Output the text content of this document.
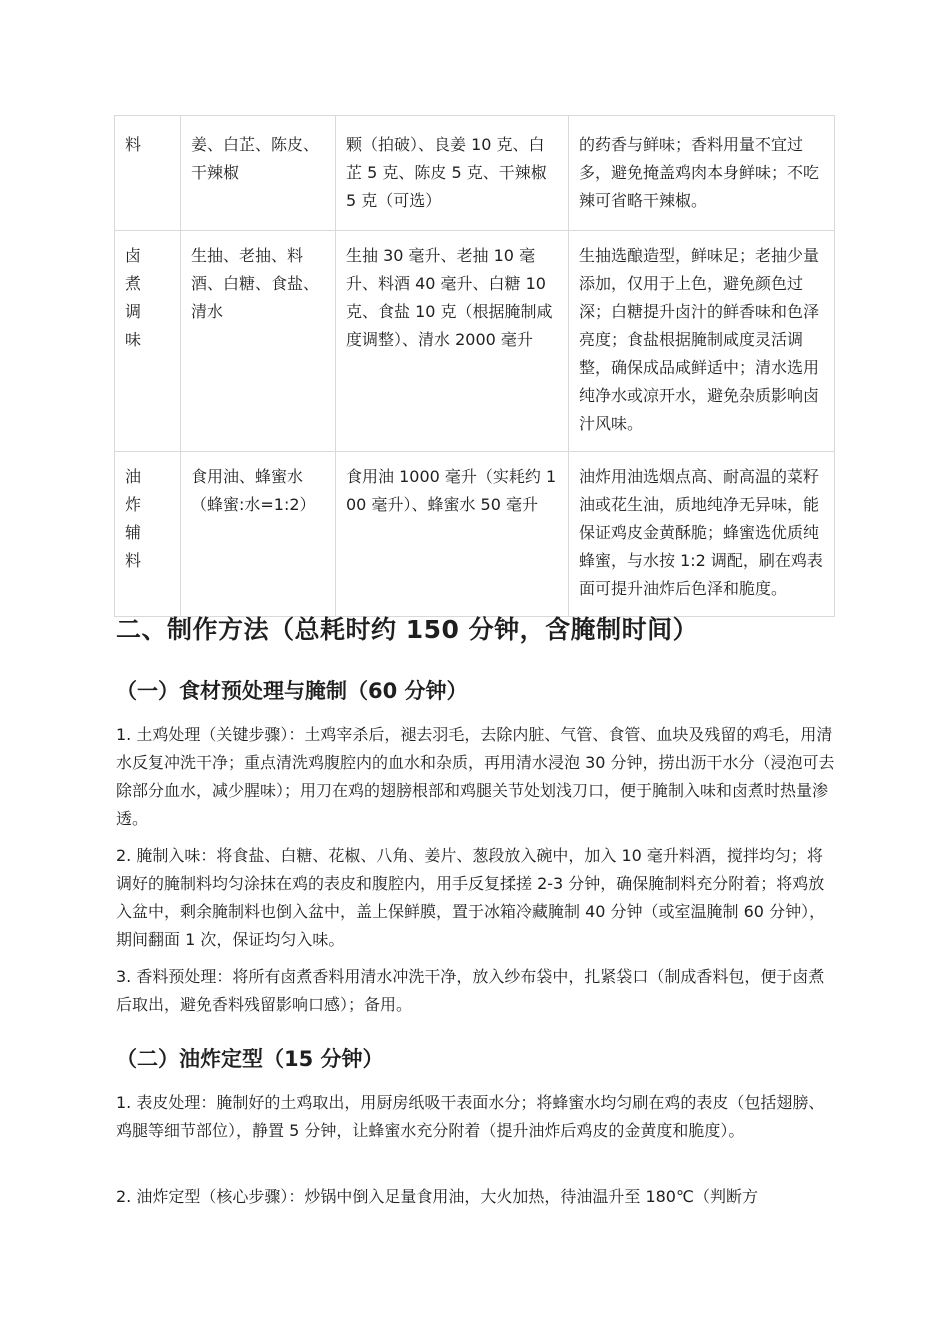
料	姜、白芷、陈皮、干辣椒	颗（拍破）、良姜 10 克、白芷 5 克、陈皮 5 克、干辣椒 5 克（可选）	的药香与鲜味；香料用量不宜过多，避免掩盖鸡肉本身鲜味；不吃辣可省略干辣椒。

卤煮调味	生抽、老抽、料酒、白糖、食盐、清水	生抽 30 毫升、老抽 10 毫升、料酒 40 毫升、白糖 10 克、食盐 10 克（根据腌制咸度调整）、清水 2000 毫升	生抽选酿造型，鲜味足；老抽少量添加，仅用于上色，避免颜色过深；白糖提升卤汁的鲜香味和色泽亮度；食盐根据腌制咸度灵活调整，确保成品咸鲜适中；清水选用纯净水或凉开水，避免杂质影响卤汁风味。

油炸辅料	食用油、蜂蜜水（蜂蜜:水=1:2）	食用油 1000 毫升（实耗约 100 毫升）、蜂蜜水 50 毫升	油炸用油选烟点高、耐高温的菜籽油或花生油，质地纯净无异味，能保证鸡皮金黄酥脆；蜂蜜选优质纯蜂蜜，与水按 1:2 调配，刷在鸡表面可提升油炸后色泽和脆度。
二、制作方法（总耗时约 150 分钟，含腌制时间）
（一）食材预处理与腌制（60 分钟）

1. 土鸡处理（关键步骤）：土鸡宰杀后，褪去羽毛，去除内脏、气管、食管、血块及残留的鸡毛，用清水反复冲洗干净；重点清洗鸡腹腔内的血水和杂质，再用清水浸泡 30 分钟，捞出沥干水分（浸泡可去除部分血水，减少腥味）；用刀在鸡的翅膀根部和鸡腿关节处划浅刀口，便于腌制入味和卤煮时热量渗透。

2. 腌制入味：将食盐、白糖、花椒、八角、姜片、葱段放入碗中，加入 10 毫升料酒，搅拌均匀；将调好的腌制料均匀涂抹在鸡的表皮和腹腔内，用手反复揉搓 2-3 分钟，确保腌制料充分附着；将鸡放入盆中，剩余腌制料也倒入盆中，盖上保鲜膜，置于冰箱冷藏腌制 40 分钟（或室温腌制 60 分钟），期间翻面 1 次，保证均匀入味。

3. 香料预处理：将所有卤煮香料用清水冲洗干净，放入纱布袋中，扎紧袋口（制成香料包，便于卤煮后取出，避免香料残留影响口感）；备用。

（二）油炸定型（15 分钟）

1. 表皮处理：腌制好的土鸡取出，用厨房纸吸干表面水分；将蜂蜜水均匀刷在鸡的表皮（包括翅膀、鸡腿等细节部位），静置 5 分钟，让蜂蜜水充分附着（提升油炸后鸡皮的金黄度和脆度）。

2. 油炸定型（核心步骤）：炒锅中倒入足量食用油，大火加热，待油温升至 180℃（判断方
